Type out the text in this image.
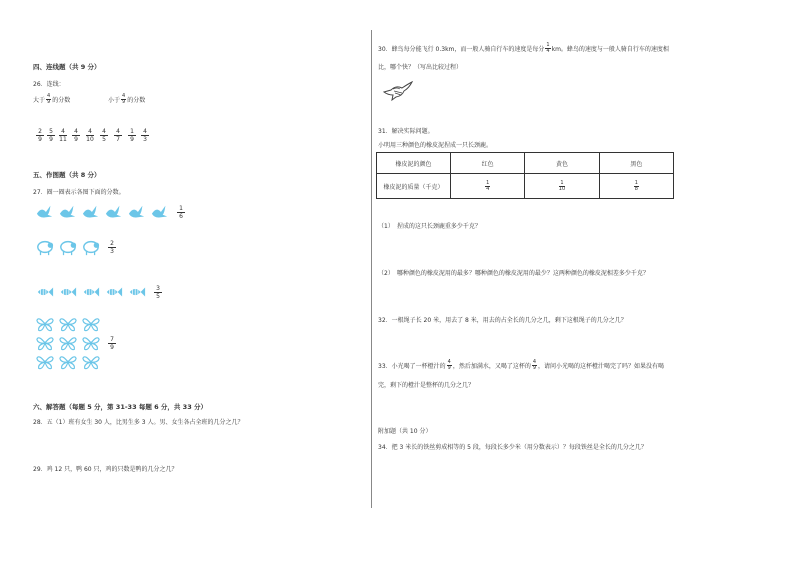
四、连线题（共 9 分）
26．连线：
大于 $\frac{4}{9}$ 的分数	小于 $\frac{4}{9}$ 的分数
$\frac{2}{9} \frac{5}{9} \frac{4}{11} \frac{4}{9} \frac{4}{10} \frac{4}{5} \frac{4}{7} \frac{1}{9} \frac{4}{3}$
五、作图题（共 8 分）
27．圈一圈表示各图下面的分数。
$\frac{1}{6}$
$\frac{2}{3}$
$\frac{3}{5}$
$\frac{7}{9}$
六、解答题（每题 5 分，第 31-33 每题 6 分，共 33 分）
28．五（1）班有女生 30 人，比男生多 3 人。男、女生各占全班的几分之几？
29．鸡 12 只，鸭 60 只，鸡的只数是鸭的几分之几？
30．蜂鸟每分能飞行 0.3km，而一般人骑自行车的速度是每分 $\frac{1}{4}$ km。蜂鸟的速度与一般人骑自行车的速度相
比，哪个快？（写出比较过程）
31．解决实际问题。
小明用三种颜色的橡皮泥捏成一只长颈鹿。
橡皮泥的颜色	红色	黄色	黑色
橡皮泥的质量（千克）	$\frac{1}{4}$	$\frac{1}{10}$	$\frac{1}{8}$
（1）　捏成的这只长颈鹿重多少千克？
（2）　哪种颜色的橡皮泥用的最多？哪种颜色的橡皮泥用的最少？这两种颜色的橡皮泥相差多少千克？
32．一根绳子长 20 米，用去了 8 米，用去的占全长的几分之几，剩下这根绳子的几分之几？
33．小光喝了一杯橙汁的 $\frac{4}{9}$ ，然后加满水，又喝了这杯的 $\frac{4}{9}$ ，请问小光喝的这杯橙汁喝完了吗？如果没有喝
完，剩下的橙汁是整杯的几分之几？
附加题（共 10 分）
34．把 3 米长的铁丝剪成相等的 5 段，每段长多少米（用分数表示）？每段铁丝是全长的几分之几？
